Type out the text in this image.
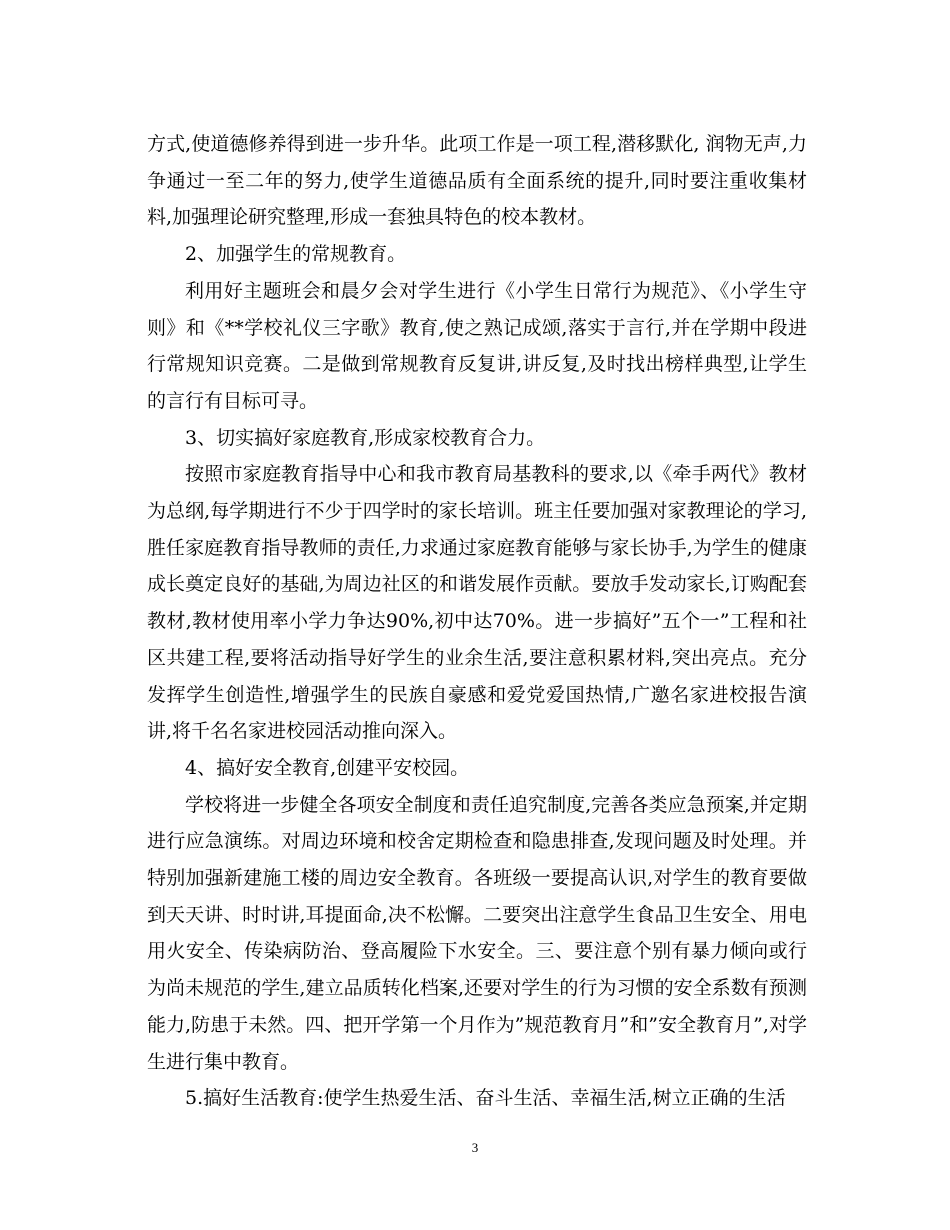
方式,使道德修养得到进一步升华。此项工作是一项工程,潜移默化, 润物无声,力争通过一至二年的努力,使学生道德品质有全面系统的提升,同时要注重收集材料,加强理论研究整理,形成一套独具特色的校本教材。

2、加强学生的常规教育。

利用好主题班会和晨夕会对学生进行《小学生日常行为规范》、《小学生守则》和《**学校礼仪三字歌》教育,使之熟记成颂,落实于言行,并在学期中段进行常规知识竞赛。二是做到常规教育反复讲,讲反复,及时找出榜样典型,让学生的言行有目标可寻。

3、切实搞好家庭教育,形成家校教育合力。

按照市家庭教育指导中心和我市教育局基教科的要求,以《牵手两代》教材为总纲,每学期进行不少于四学时的家长培训。班主任要加强对家教理论的学习, 胜任家庭教育指导教师的责任,力求通过家庭教育能够与家长协手,为学生的健康成长奠定良好的基础,为周边社区的和谐发展作贡献。要放手发动家长,订购配套教材,教材使用率小学力争达90%,初中达70%。进一步搞好”五个一”工程和社区共建工程,要将活动指导好学生的业余生活,要注意积累材料,突出亮点。充分发挥学生创造性,增强学生的民族自豪感和爱党爱国热情,广邀名家进校报告演讲,将千名名家进校园活动推向深入。

4、搞好安全教育,创建平安校园。

学校将进一步健全各项安全制度和责任追究制度,完善各类应急预案,并定期进行应急演练。对周边环境和校舍定期检查和隐患排查,发现问题及时处理。并特别加强新建施工楼的周边安全教育。各班级一要提高认识,对学生的教育要做到天天讲、时时讲,耳提面命,决不松懈。二要突出注意学生食品卫生安全、用电用火安全、传染病防治、登高履险下水安全。三、要注意个别有暴力倾向或行为尚未规范的学生,建立品质转化档案,还要对学生的行为习惯的安全系数有预测能力,防患于未然。四、把开学第一个月作为”规范教育月”和”安全教育月”,对学生进行集中教育。

5.搞好生活教育:使学生热爱生活、奋斗生活、幸福生活,树立正确的生活

3
